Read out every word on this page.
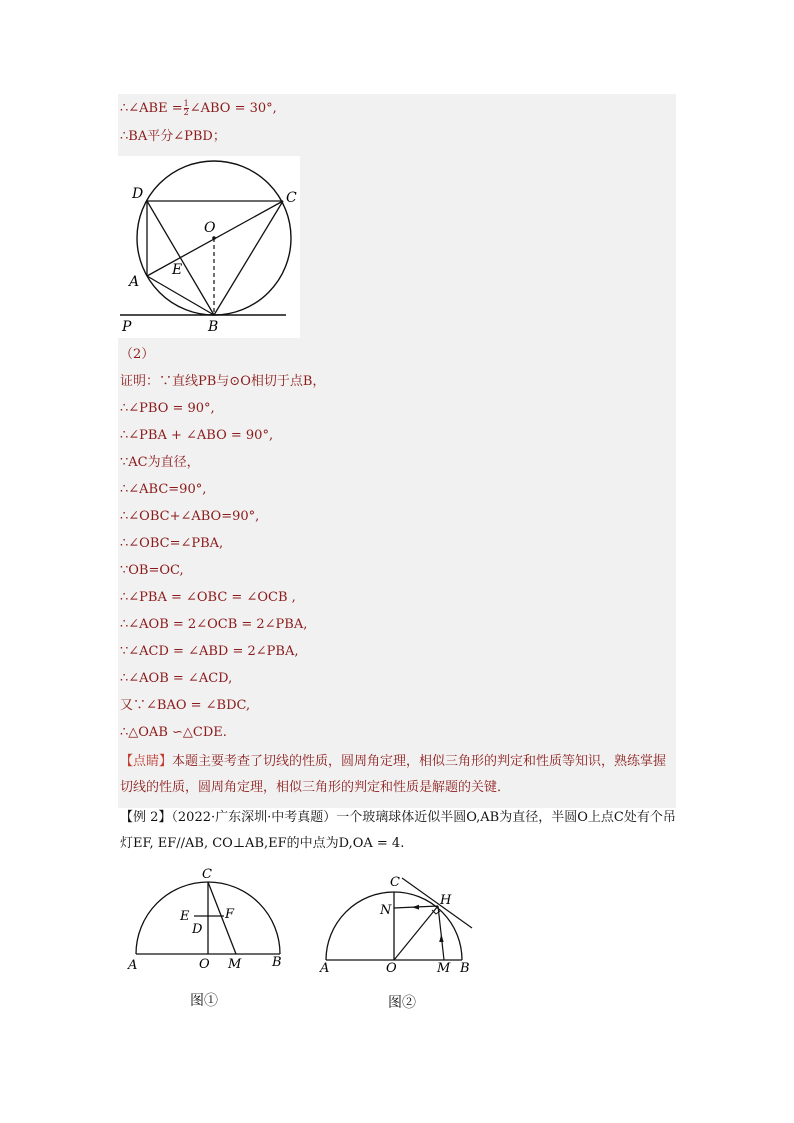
∴∠ABE = $\frac{1}{2}$ ∠ABO = 30°,
∴BA平分∠PBD；
D	C
O
E
A
P	B
（2）
证明：∵直线PB与⊙O相切于点B，
∴∠PBO = 90°,
∴∠PBA + ∠ABO = 90°,
∵AC为直径，
∴∠ABC=90°,
∴∠OBC+∠ABO=90°,
∴∠OBC=∠PBA,
∵OB=OC,
∴∠PBA = ∠OBC = ∠OCB ,
∴∠AOB = 2∠OCB = 2∠PBA,
∵∠ACD = ∠ABD = 2∠PBA,
∴∠AOB = ∠ACD,
又∵∠BAO = ∠BDC,
∴△OAB ∽△CDE.
【点睛】本题主要考查了切线的性质，圆周角定理，相似三角形的判定和性质等知识，熟练掌握切线的性质，圆周角定理，相似三角形的判定和性质是解题的关键．
【例 2】（2022·广东深圳·中考真题）一个玻璃球体近似半圆O,AB为直径，半圆O上点C处有个吊灯EF, EF//AB, CO⊥AB,EF的中点为D,OA = 4.
C
E	F
D
A	O M B
图①
C
H
N
A	O	M B
图②
